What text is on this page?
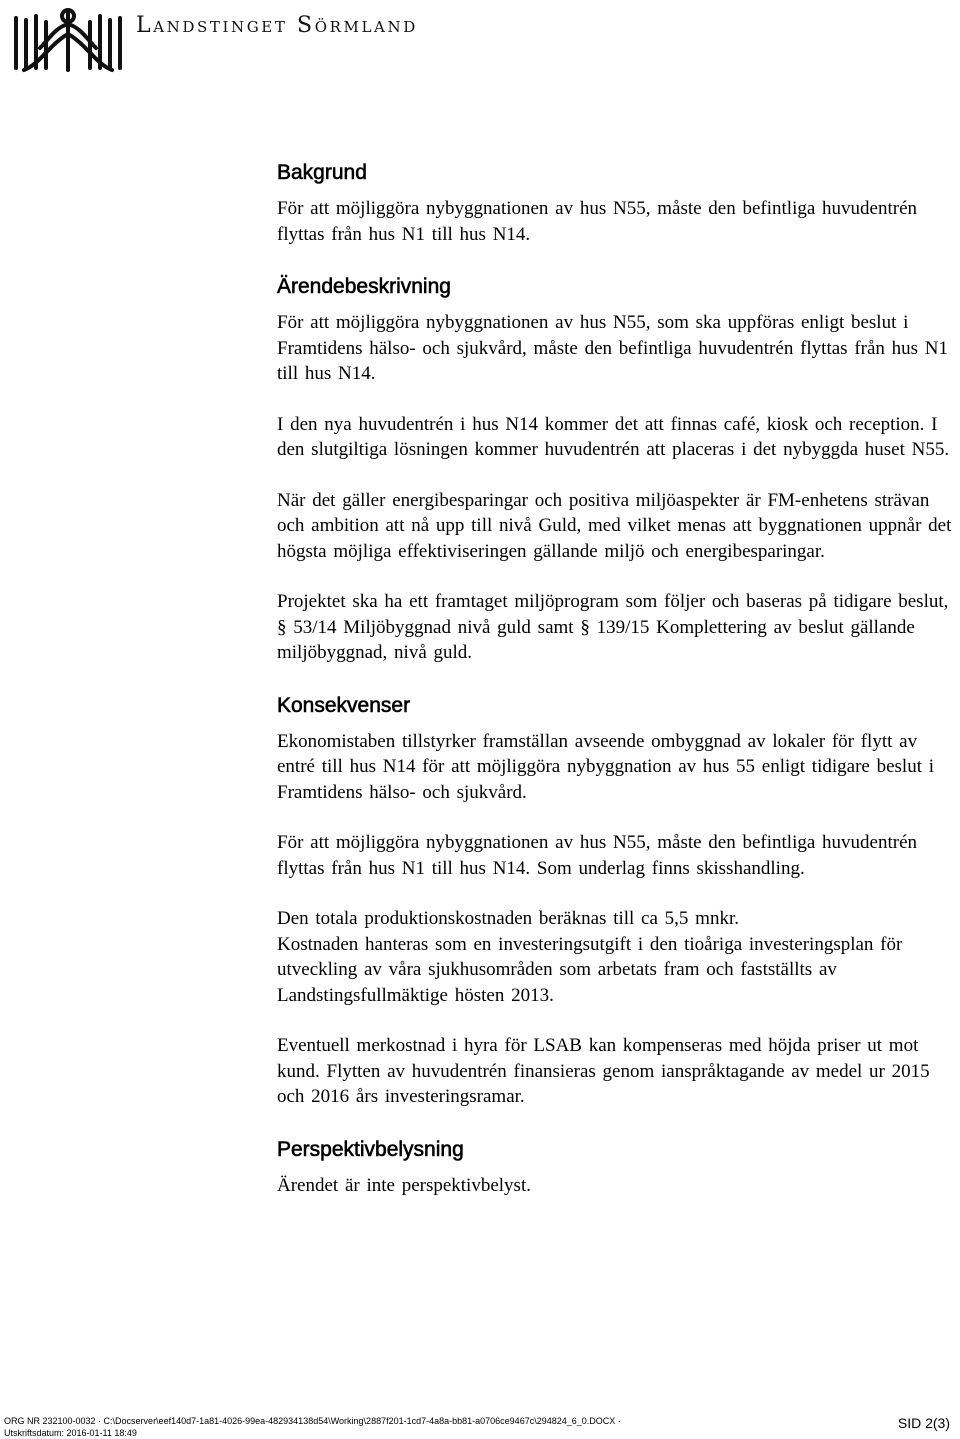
Landstinget Sörmland
Bakgrund

För att möjliggöra nybyggnationen av hus N55, måste den befintliga huvudentrén flyttas från hus N1 till hus N14.

Ärendebeskrivning

För att möjliggöra nybyggnationen av hus N55, som ska uppföras enligt beslut i Framtidens hälso- och sjukvård, måste den befintliga huvudentrén flyttas från hus N1 till hus N14.

I den nya huvudentrén i hus N14 kommer det att finnas café, kiosk och reception. I den slutgiltiga lösningen kommer huvudentrén att placeras i det nybyggda huset N55.

När det gäller energibesparingar och positiva miljöaspekter är FM-enhetens strävan och ambition att nå upp till nivå Guld, med vilket menas att byggnationen uppnår det högsta möjliga effektiviseringen gällande miljö och energibesparingar.

Projektet ska ha ett framtaget miljöprogram som följer och baseras på tidigare beslut, § 53/14 Miljöbyggnad nivå guld samt § 139/15 Komplettering av beslut gällande miljöbyggnad, nivå guld.

Konsekvenser

Ekonomistaben tillstyrker framställan avseende ombyggnad av lokaler för flytt av entré till hus N14 för att möjliggöra nybyggnation av hus 55 enligt tidigare beslut i Framtidens hälso- och sjukvård.

För att möjliggöra nybyggnationen av hus N55, måste den befintliga huvudentrén flyttas från hus N1 till hus N14. Som underlag finns skisshandling.

Den totala produktionskostnaden beräknas till ca 5,5 mnkr.

Kostnaden hanteras som en investeringsutgift i den tioåriga investeringsplan för utveckling av våra sjukhusområden som arbetats fram och fastställts av Landstingsfullmäktige hösten 2013.

Eventuell merkostnad i hyra för LSAB kan kompenseras med höjda priser ut mot kund. Flytten av huvudentrén finansieras genom ianspråktagande av medel ur 2015 och 2016 års investeringsramar.

Perspektivbelysning

Ärendet är inte perspektivbelyst.

ORG NR 232100-0032 · C:\Docserver\eef140d7-1a81-4026-99ea-482934138d54\Working\2887f201-1cd7-4a8a-bb81-a0706ce9467c\294824_6_0.DOCX ·
Utskriftsdatum: 2016-01-11 18:49
SID 2(3)
